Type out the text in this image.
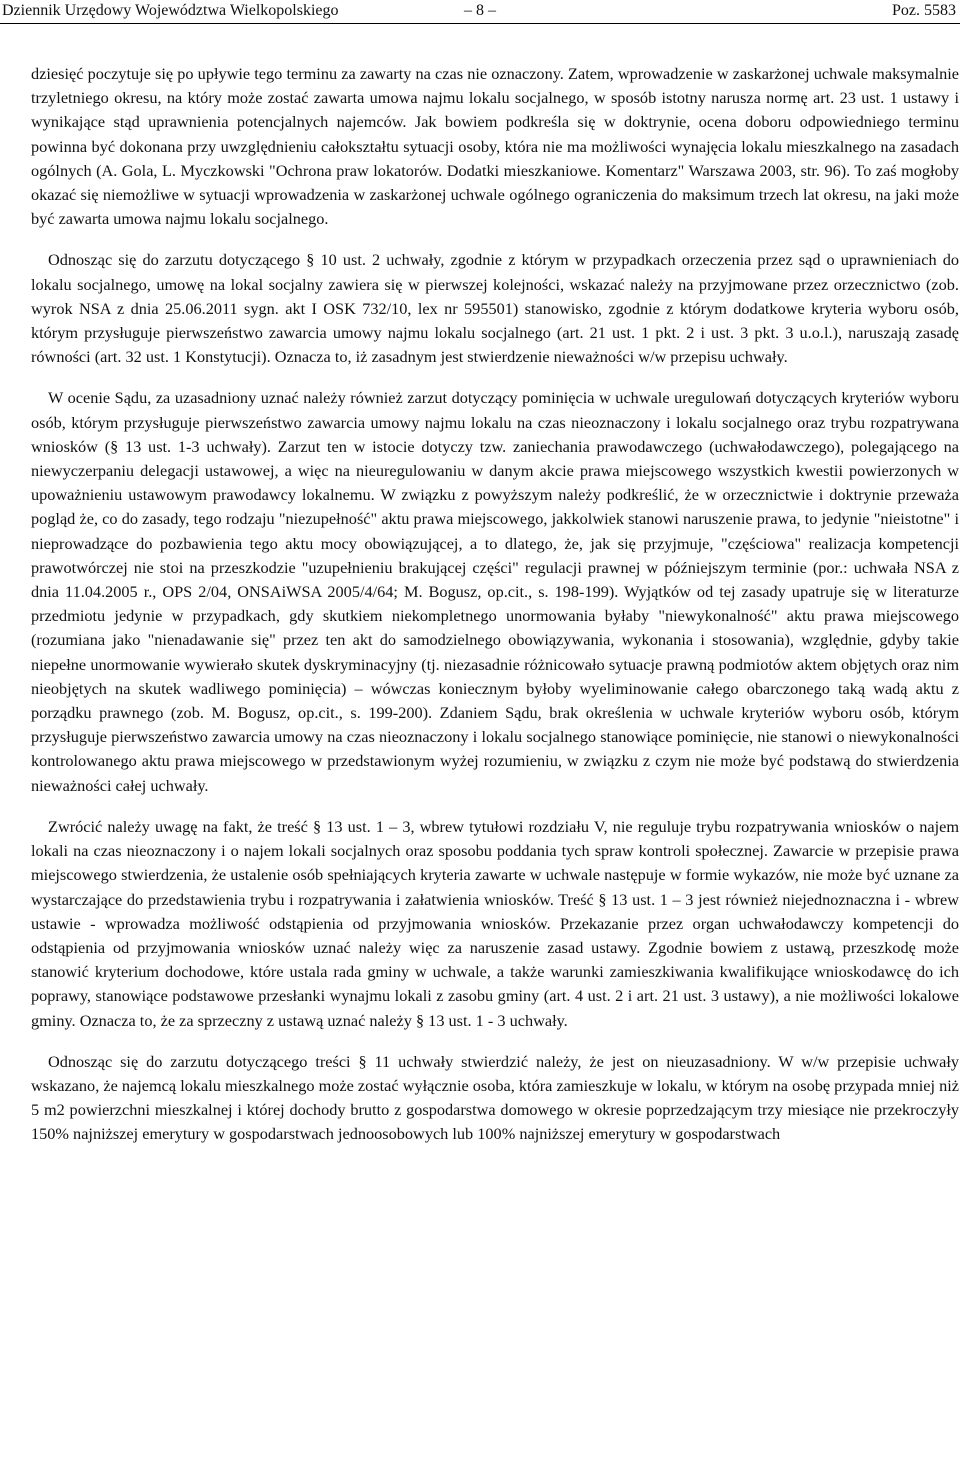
– 8 –
Dziennik Urzędowy Województwa Wielkopolskiego	Poz. 5583

dziesięć poczytuje się po upływie tego terminu za zawarty na czas nie oznaczony. Zatem, wprowadzenie w zaskarżonej uchwale maksymalnie trzyletniego okresu, na który może zostać zawarta umowa najmu lokalu socjalnego, w sposób istotny narusza normę art. 23 ust. 1 ustawy i wynikające stąd uprawnienia potencjalnych najemców. Jak bowiem podkreśla się w doktrynie, ocena doboru odpowiedniego terminu powinna być dokonana przy uwzględnieniu całokształtu sytuacji osoby, która nie ma możliwości wynajęcia lokalu mieszkalnego na zasadach ogólnych (A. Gola, L. Myczkowski "Ochrona praw lokatorów. Dodatki mieszkaniowe. Komentarz" Warszawa 2003, str. 96). To zaś mogłoby okazać się niemożliwe w sytuacji wprowadzenia w zaskarżonej uchwale ogólnego ograniczenia do maksimum trzech lat okresu, na jaki może być zawarta umowa najmu lokalu socjalnego.

Odnosząc się do zarzutu dotyczącego § 10 ust. 2 uchwały, zgodnie z którym w przypadkach orzeczenia przez sąd o uprawnieniach do lokalu socjalnego, umowę na lokal socjalny zawiera się w pierwszej kolejności, wskazać należy na przyjmowane przez orzecznictwo (zob. wyrok NSA z dnia 25.06.2011 sygn. akt I OSK 732/10, lex nr 595501) stanowisko, zgodnie z którym dodatkowe kryteria wyboru osób, którym przysługuje pierwszeństwo zawarcia umowy najmu lokalu socjalnego (art. 21 ust. 1 pkt. 2 i ust. 3 pkt. 3 u.o.l.), naruszają zasadę równości (art. 32 ust. 1 Konstytucji). Oznacza to, iż zasadnym jest stwierdzenie nieważności w/w przepisu uchwały.

W ocenie Sądu, za uzasadniony uznać należy również zarzut dotyczący pominięcia w uchwale uregulowań dotyczących kryteriów wyboru osób, którym przysługuje pierwszeństwo zawarcia umowy najmu lokalu na czas nieoznaczony i lokalu socjalnego oraz trybu rozpatrywana wniosków (§ 13 ust. 1-3 uchwały). Zarzut ten w istocie dotyczy tzw. zaniechania prawodawczego (uchwałodawczego), polegającego na niewyczerpaniu delegacji ustawowej, a więc na nieuregulowaniu w danym akcie prawa miejscowego wszystkich kwestii powierzonych w upoważnieniu ustawowym prawodawcy lokalnemu. W związku z powyższym należy podkreślić, że w orzecznictwie i doktrynie przeważa pogląd że, co do zasady, tego rodzaju "niezupełność" aktu prawa miejscowego, jakkolwiek stanowi naruszenie prawa, to jedynie "nieistotne" i nieprowadzące do pozbawienia tego aktu mocy obowiązującej, a to dlatego, że, jak się przyjmuje, "częściowa" realizacja kompetencji prawotwórczej nie stoi na przeszkodzie "uzupełnieniu brakującej części" regulacji prawnej w późniejszym terminie (por.: uchwała NSA z dnia 11.04.2005 r., OPS 2/04, ONSAiWSA 2005/4/64; M. Bogusz, op.cit., s. 198-199). Wyjątków od tej zasady upatruje się w literaturze przedmiotu jedynie w przypadkach, gdy skutkiem niekompletnego unormowania byłaby "niewykonalność" aktu prawa miejscowego (rozumiana jako "nienadawanie się" przez ten akt do samodzielnego obowiązywania, wykonania i stosowania), względnie, gdyby takie niepełne unormowanie wywierało skutek dyskryminacyjny (tj. niezasadnie różnicowało sytuacje prawną podmiotów aktem objętych oraz nim nieobjętych na skutek wadliwego pominięcia) – wówczas koniecznym byłoby wyeliminowanie całego obarczonego taką wadą aktu z porządku prawnego (zob. M. Bogusz, op.cit., s. 199-200). Zdaniem Sądu, brak określenia w uchwale kryteriów wyboru osób, którym przysługuje pierwszeństwo zawarcia umowy na czas nieoznaczony i lokalu socjalnego stanowiące pominięcie, nie stanowi o niewykonalności kontrolowanego aktu prawa miejscowego w przedstawionym wyżej rozumieniu, w związku z czym nie może być podstawą do stwierdzenia nieważności całej uchwały.

Zwrócić należy uwagę na fakt, że treść § 13 ust. 1 – 3, wbrew tytułowi rozdziału V, nie reguluje trybu rozpatrywania wniosków o najem lokali na czas nieoznaczony i o najem lokali socjalnych oraz sposobu poddania tych spraw kontroli społecznej. Zawarcie w przepisie prawa miejscowego stwierdzenia, że ustalenie osób spełniających kryteria zawarte w uchwale następuje w formie wykazów, nie może być uznane za wystarczające do przedstawienia trybu i rozpatrywania i załatwienia wniosków. Treść § 13 ust. 1 – 3 jest również niejednoznaczna i - wbrew ustawie - wprowadza możliwość odstąpienia od przyjmowania wniosków. Przekazanie przez organ uchwałodawczy kompetencji do odstąpienia od przyjmowania wniosków uznać należy więc za naruszenie zasad ustawy. Zgodnie bowiem z ustawą, przeszkodę może stanowić kryterium dochodowe, które ustala rada gminy w uchwale, a także warunki zamieszkiwania kwalifikujące wnioskodawcę do ich poprawy, stanowiące podstawowe przesłanki wynajmu lokali z zasobu gminy (art. 4 ust. 2 i art. 21 ust. 3 ustawy), a nie możliwości lokalowe gminy. Oznacza to, że za sprzeczny z ustawą uznać należy § 13 ust. 1 - 3 uchwały.

Odnosząc się do zarzutu dotyczącego treści § 11 uchwały stwierdzić należy, że jest on nieuzasadniony. W w/w przepisie uchwały wskazano, że najemcą lokalu mieszkalnego może zostać wyłącznie osoba, która zamieszkuje w lokalu, w którym na osobę przypada mniej niż 5 m2 powierzchni mieszkalnej i której dochody brutto z gospodarstwa domowego w okresie poprzedzającym trzy miesiące nie przekroczyły 150% najniższej emerytury w gospodarstwach jednoosobowych lub 100% najniższej emerytury w gospodarstwach
